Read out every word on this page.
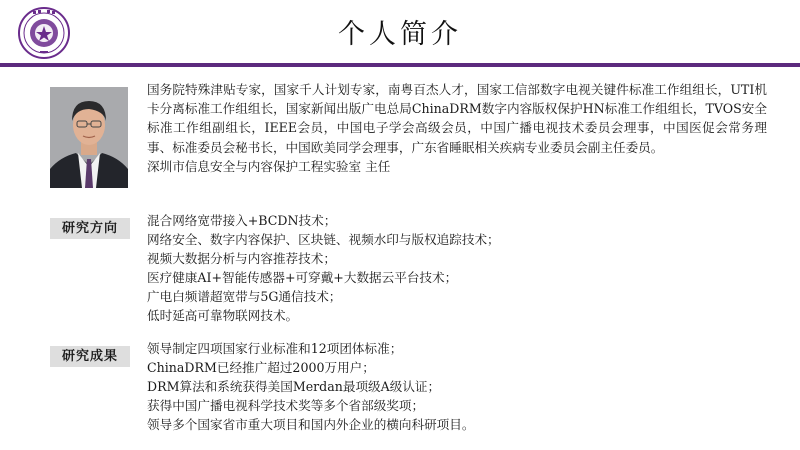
个人简介

国务院特殊津贴专家，国家千人计划专家，南粤百杰人才，国家工信部数字电视关键件标准工作组组长，UTI机卡分离标准工作组组长，国家新闻出版广电总局ChinaDRM数字内容版权保护HN标准工作组组长，TVOS安全标准工作组副组长，IEEE会员，中国电子学会高级会员，中国广播电视技术委员会理事，中国医促会常务理事、标准委员会秘书长，中国欧美同学会理事，广东省睡眠相关疾病专业委员会副主任委员。

深圳市信息安全与内容保护工程实验室 主任

研究方向
混合网络宽带接入+BCDN技术；
网络安全、数字内容保护、区块链、视频水印与版权追踪技术；
视频大数据分析与内容推荐技术；
医疗健康AI+智能传感器+可穿戴+大数据云平台技术；
广电白频谱超宽带与5G通信技术；
低时延高可靠物联网技术。
研究成果
领导制定四项国家行业标准和12项团体标准；
ChinaDRM已经推广超过2000万用户；
DRM算法和系统获得美国Merdan最项级A级认证；
获得中国广播电视科学技术奖等多个省部级奖项；
领导多个国家省市重大项目和国内外企业的横向科研项目。
